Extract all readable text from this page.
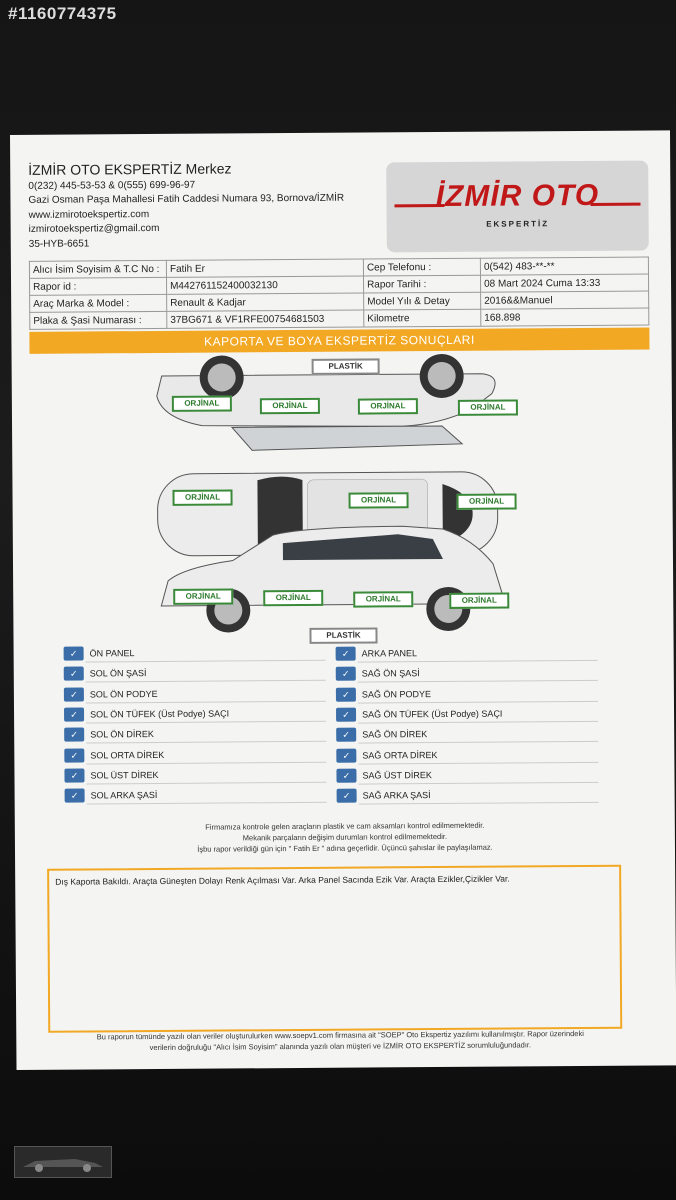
#1160774375
İZMİR OTO EKSPERTİZ Merkez
0(232) 445-53-53 & 0(555) 699-96-97
Gazi Osman Paşa Mahallesi Fatih Caddesi Numara 93, Bornova/İZMİR
www.izmirotoekspertiz.com
izmirotoekspertiz@gmail.com
35-HYB-6651
İZMİR OTO
EKSPERTİZ
Alıcı İsim Soyisim & T.C No :	Fatih Er	Cep Telefonu :	0(542) 483-**-**
Rapor id :	M442761152400032130	Rapor Tarihi :	08 Mart 2024 Cuma 13:33
Araç Marka & Model :	Renault & Kadjar	Model Yılı & Detay	2016&&Manuel
Plaka & Şasi Numarası :	37BG671 & VF1RFE00754681503	Kilometre	168.898
KAPORTA VE BOYA EKSPERTİZ SONUÇLARI
PLASTİK
ORJİNAL	ORJİNAL	ORJİNAL	ORJİNAL
ORJİNAL	ORJİNAL	ORJİNAL
ORJİNAL	ORJİNAL	ORJİNAL	ORJİNAL
PLASTİK
✓	ÖN PANEL
✓	SOL ÖN ŞASİ
✓	SOL ÖN PODYE
✓	SOL ÖN TÜFEK (Üst Podye) SAÇI
✓	SOL ÖN DİREK
✓	SOL ORTA DİREK
✓	SOL ÜST DİREK
✓	SOL ARKA ŞASİ
✓	ARKA PANEL
✓	SAĞ ÖN ŞASİ
✓	SAĞ ÖN PODYE
✓	SAĞ ÖN TÜFEK (Üst Podye) SAÇI
✓	SAĞ ÖN DİREK
✓	SAĞ ORTA DİREK
✓	SAĞ ÜST DİREK
✓	SAĞ ARKA ŞASİ
Firmamıza kontrole gelen araçların plastik ve cam aksamları kontrol edilmemektedir.
Mekanik parçaların değişim durumları kontrol edilmemektedir.
İşbu rapor verildiği gün için " Fatih Er " adına geçerlidir. Üçüncü şahıslar ile paylaşılamaz.
Dış Kaporta Bakıldı. Araçta Güneşten Dolayı Renk Açılması Var. Arka Panel Sacında Ezik Var. Araçta Ezikler,Çizikler Var.
Bu raporun tümünde yazılı olan veriler oluşturulurken www.soepv1.com firmasına ait "SOEP" Oto Ekspertiz yazılımı kullanılmıştır. Rapor üzerindeki
verilerin doğruluğu "Alıcı İsim Soyisim" alanında yazılı olan müşteri ve İZMİR OTO EKSPERTİZ sorumluluğundadır.
